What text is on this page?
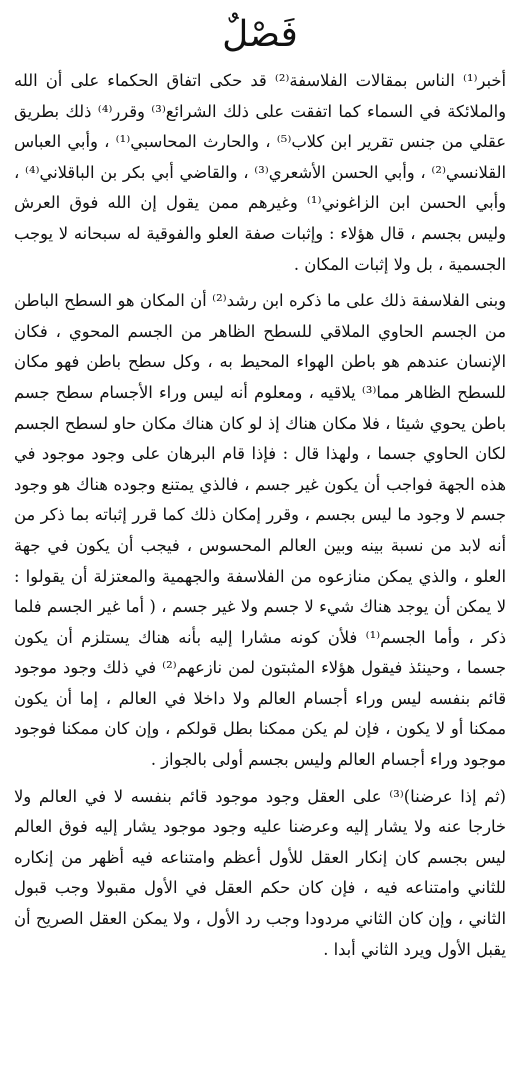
فَصْلٌ

أخبر⁽¹⁾ الناس بمقالات الفلاسفة⁽²⁾ قد حكى اتفاق الحكماء على أن الله والملائكة في السماء كما اتفقت على ذلك الشرائع⁽³⁾ وقرر⁽⁴⁾ ذلك بطريق عقلي من جنس تقرير ابن كلاب⁽⁵⁾ ، والحارث المحاسبي⁽¹⁾ ، وأبي العباس القلانسي⁽²⁾ ، وأبي الحسن الأشعري⁽³⁾ ، والقاضي أبي بكر بن الباقلاني⁽⁴⁾ ، وأبي الحسن ابن الزاغوني⁽¹⁾ وغيرهم ممن يقول إن الله فوق العرش وليس بجسم ، قال هؤلاء : وإثبات صفة العلو والفوقية له سبحانه لا يوجب الجسمية ، بل ولا إثبات المكان .

وبنى الفلاسفة ذلك على ما ذكره ابن رشد⁽²⁾ أن المكان هو السطح الباطن من الجسم الحاوي الملاقي للسطح الظاهر من الجسم المحوي ، فكان الإنسان عندهم هو باطن الهواء المحيط به ، وكل سطح باطن فهو مكان للسطح الظاهر مما⁽³⁾ يلاقيه ، ومعلوم أنه ليس وراء الأجسام سطح جسم باطن يحوي شيئا ، فلا مكان هناك إذ لو كان هناك مكان حاو لسطح الجسم لكان الحاوي جسما ، ولهذا قال : فإذا قام البرهان على وجود موجود في هذه الجهة فواجب أن يكون غير جسم ، فالذي يمتنع وجوده هناك هو وجود جسم لا وجود ما ليس بجسم ، وقرر إمكان ذلك كما قرر إثباته بما ذكر من أنه لابد من نسبة بينه وبين العالم المحسوس ، فيجب أن يكون في جهة العلو ، والذي يمكن منازعوه من الفلاسفة والجهمية والمعتزلة أن يقولوا : لا يمكن أن يوجد هناك شيء لا جسم ولا غير جسم ، ( أما غير الجسم فلما ذكر ، وأما الجسم⁽¹⁾ فلأن كونه مشارا إليه بأنه هناك يستلزم أن يكون جسما ، وحينئذ فيقول هؤلاء المثبتون لمن نازعهم⁽²⁾ في ذلك وجود موجود قائم بنفسه ليس وراء أجسام العالم ولا داخلا في العالم ، إما أن يكون ممكنا أو لا يكون ، فإن لم يكن ممكنا بطل قولكم ، وإن كان ممكنا فوجود موجود وراء أجسام العالم وليس بجسم أولى بالجواز .

(ثم إذا عرضنا)⁽³⁾ على العقل وجود موجود قائم بنفسه لا في العالم ولا خارجا عنه ولا يشار إليه وعرضنا عليه وجود موجود يشار إليه فوق العالم ليس بجسم كان إنكار العقل للأول أعظم وامتناعه فيه أظهر من إنكاره للثاني وامتناعه فيه ، فإن كان حكم العقل في الأول مقبولا وجب قبول الثاني ، وإن كان الثاني مردودا وجب رد الأول ، ولا يمكن العقل الصريح أن يقبل الأول ويرد الثاني أبدا .
